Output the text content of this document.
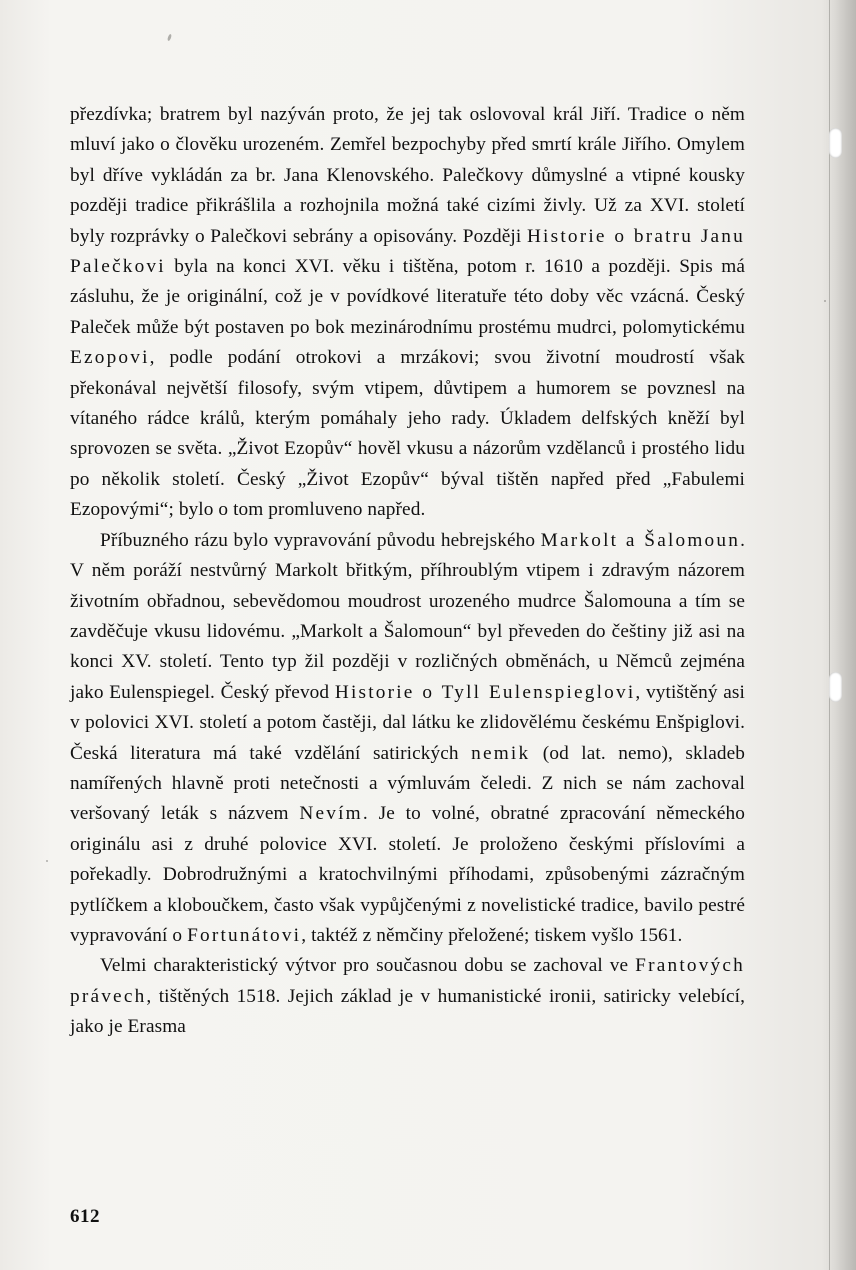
přezdívka; bratrem byl nazýván proto, že jej tak oslovoval král Jiří. Tradice o něm mluví jako o člověku urozeném. Zemřel bezpochyby před smrtí krále Jiřího. Omylem byl dříve vykládán za br. Jana Klenovského. Palečkovy důmyslné a vtipné kousky později tradice přikrášlila a rozhojnila možná také cizími živly. Už za XVI. století byly rozprávky o Palečkovi sebrány a opisovány. Později Historie o bratru Janu Palečkovi byla na konci XVI. věku i tištěna, potom r. 1610 a později. Spis má zásluhu, že je originální, což je v povídkové literatuře této doby věc vzácná. Český Paleček může být postaven po bok mezinárodnímu prostému mudrci, polomytickému Ezopovi, podle podání otrokovi a mrzákovi; svou životní moudrostí však překonával největší filosofy, svým vtipem, důvtipem a humorem se povznesl na vítaného rádce králů, kterým pomáhaly jeho rady. Úkladem delfských kněží byl sprovozen se světa. „Život Ezopův“ hověl vkusu a názorům vzdělanců i prostého lidu po několik století. Český „Život Ezopův“ býval tištěn napřed před „Fabulemi Ezopovými“; bylo o tom promluveno napřed.

Příbuzného rázu bylo vypravování původu hebrejského Markolt a Šalomoun. V něm poráží nestvůrný Markolt břitkým, příhroublým vtipem i zdravým názorem životním obřadnou, sebevědomou moudrost urozeného mudrce Šalomouna a tím se zavděčuje vkusu lidovému. „Markolt a Šalomoun“ byl převeden do češtiny již asi na konci XV. století. Tento typ žil později v rozličných obměnách, u Němců zejména jako Eulenspiegel. Český převod Historie o Tyll Eulenspieglovi, vytištěný asi v polovici XVI. století a potom častěji, dal látku ke zlidovělému českému Enšpiglovi. Česká literatura má také vzdělání satirických nemik (od lat. nemo), skladeb namířených hlavně proti netečnosti a výmluvám čeledi. Z nich se nám zachoval veršovaný leták s názvem Nevím. Je to volné, obratné zpracování německého originálu asi z druhé polovice XVI. století. Je proloženo českými příslovími a pořekadly. Dobrodružnými a kratochvilnými příhodami, způsobenými zázračným pytlíčkem a kloboučkem, často však vypůjčenými z novelistické tradice, bavilo pestré vypravování o Fortunátovi, taktéž z němčiny přeložené; tiskem vyšlo 1561.

Velmi charakteristický výtvor pro současnou dobu se zachoval ve Frantových právech, tištěných 1518. Jejich základ je v humanistické ironii, satiricky velebící, jako je Erasma

612
